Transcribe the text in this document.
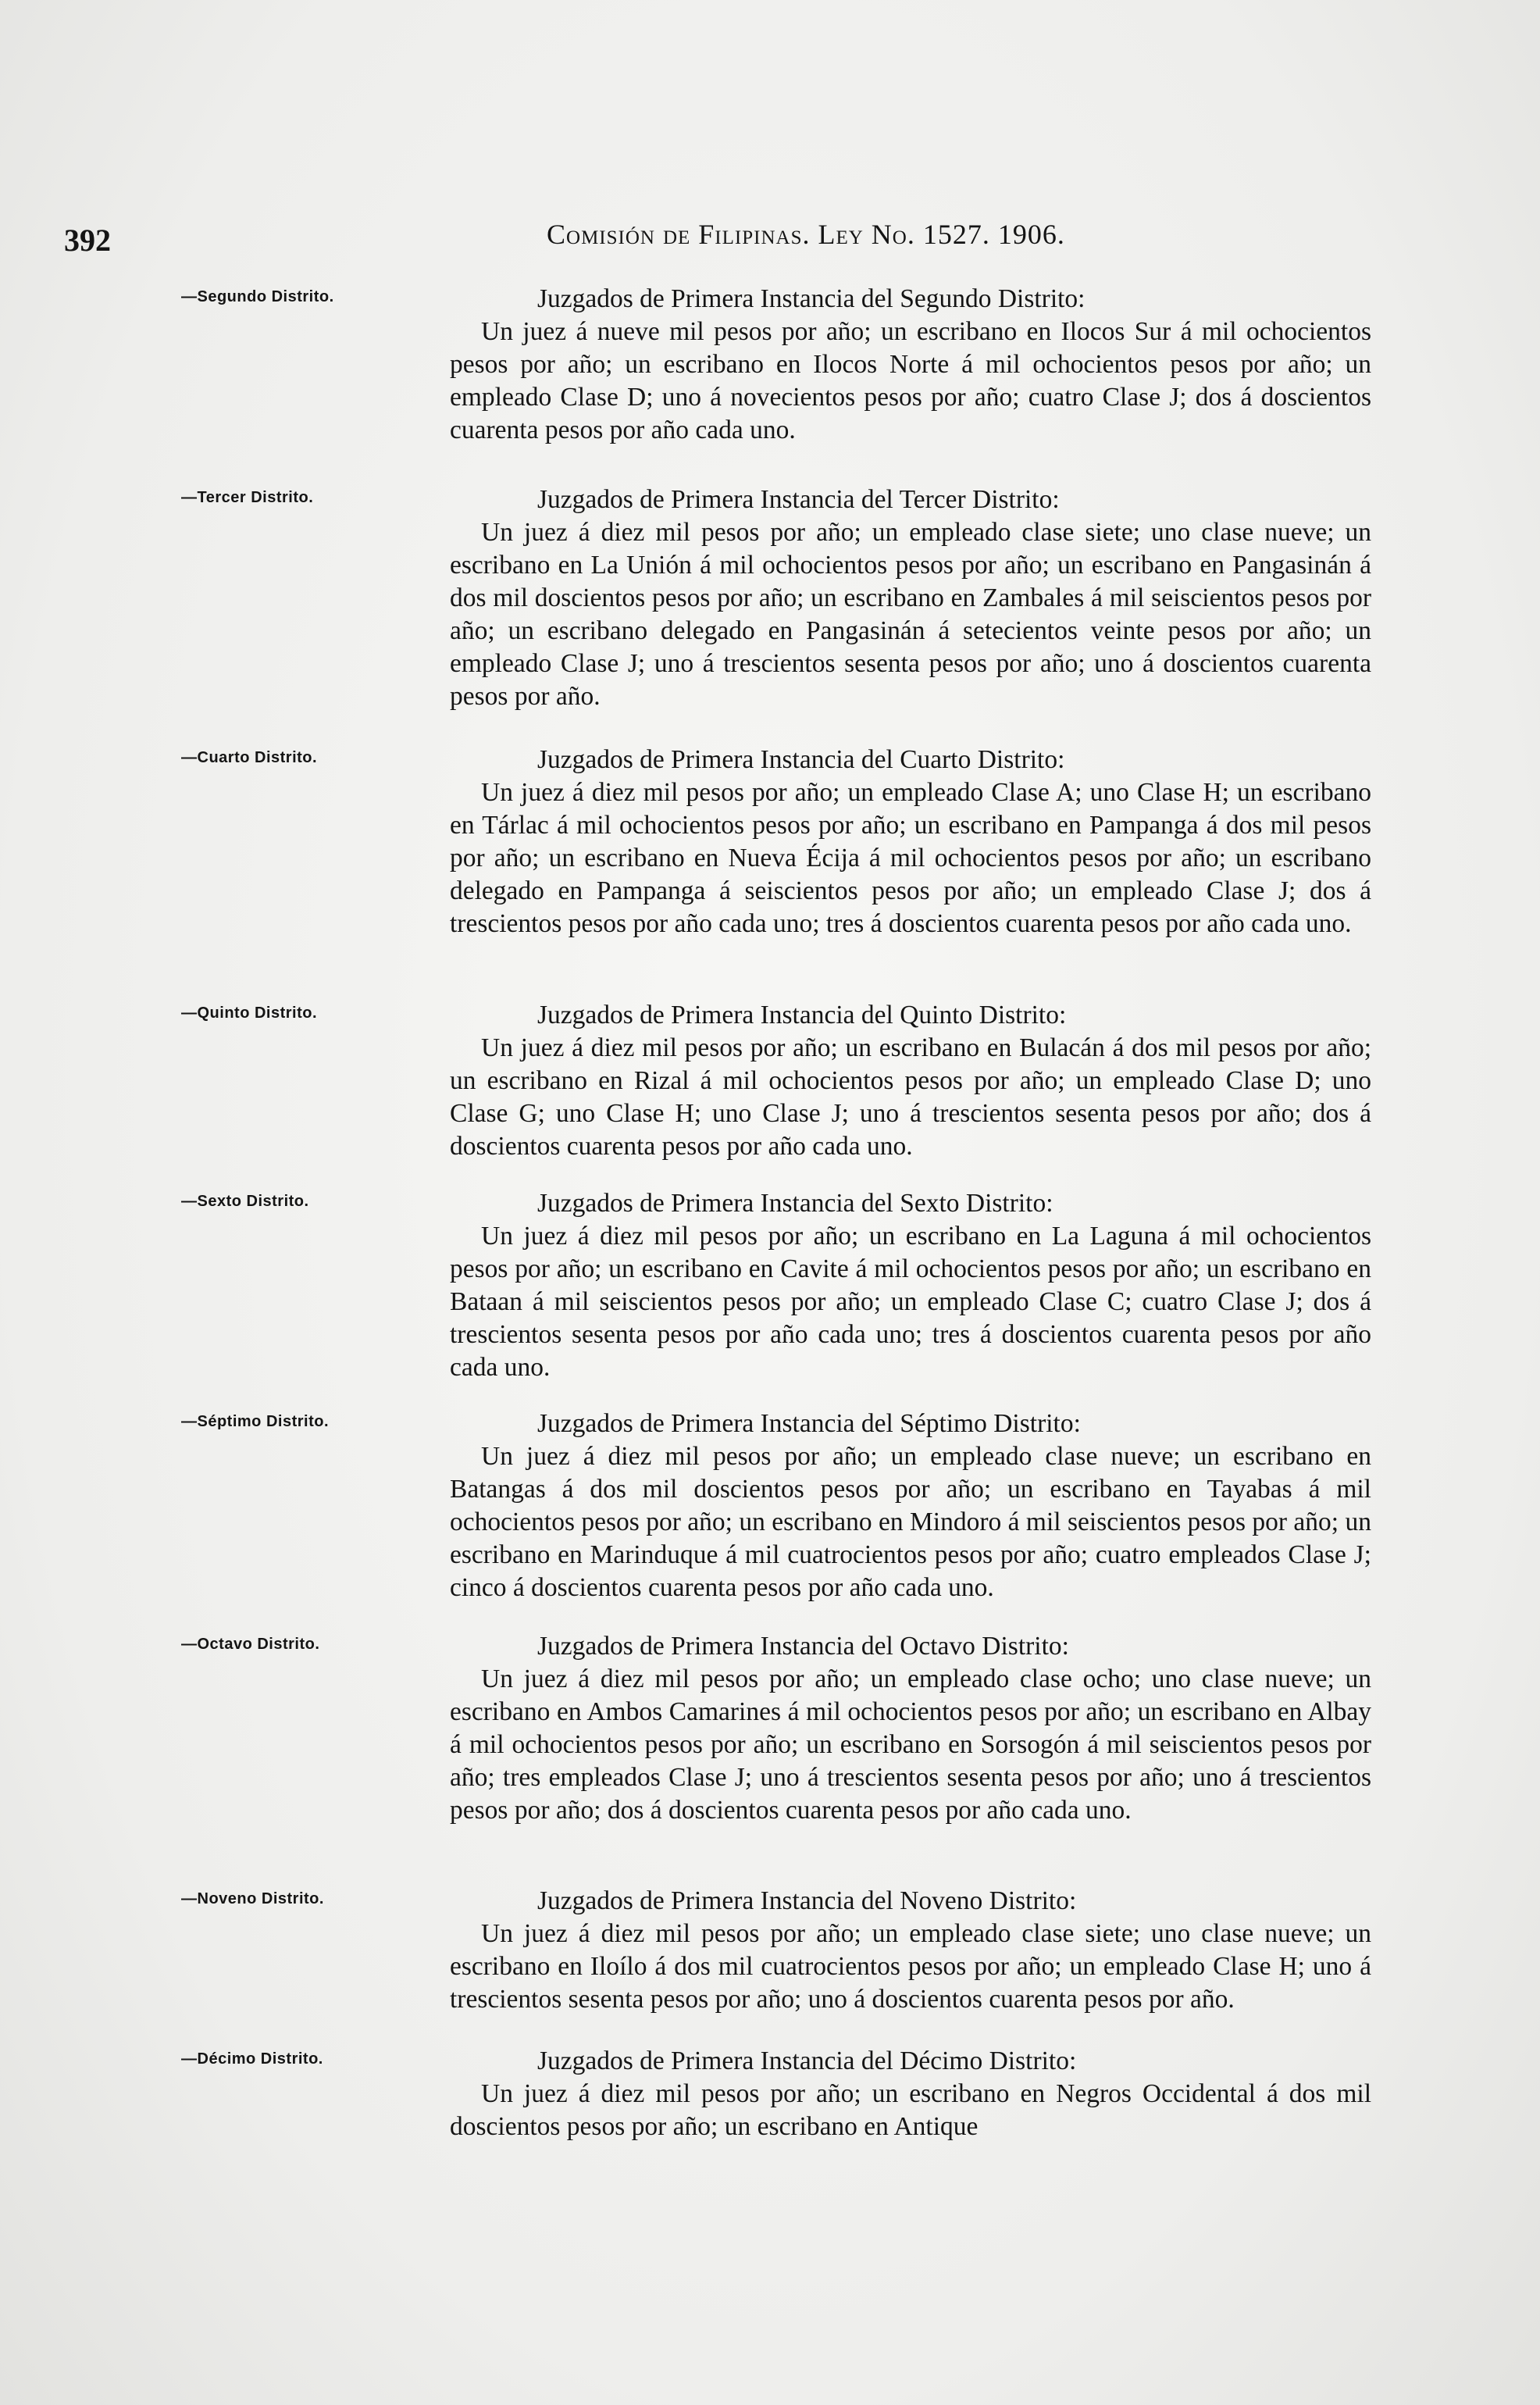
392	Comisión de Filipinas. Ley No. 1527. 1906.
—Segundo Distrito.	Juzgados de Primera Instancia del Segundo Distrito:
Un juez á nueve mil pesos por año; un escribano en Ilocos Sur á mil ochocientos pesos por año; un escribano en Ilocos Norte á mil ochocientos pesos por año; un empleado Clase D; uno á novecientos pesos por año; cuatro Clase J; dos á doscientos cuarenta pesos por año cada uno.
—Tercer Distrito.	Juzgados de Primera Instancia del Tercer Distrito:
Un juez á diez mil pesos por año; un empleado clase siete; uno clase nueve; un escribano en La Unión á mil ochocientos pesos por año; un escribano en Pangasinán á dos mil doscientos pesos por año; un escribano en Zambales á mil seiscientos pesos por año; un escribano delegado en Pangasinán á setecientos veinte pesos por año; un empleado Clase J; uno á trescientos sesenta pesos por año; uno á doscientos cuarenta pesos por año.
—Cuarto Distrito.	Juzgados de Primera Instancia del Cuarto Distrito:
Un juez á diez mil pesos por año; un empleado Clase A; uno Clase H; un escribano en Tárlac á mil ochocientos pesos por año; un escribano en Pampanga á dos mil pesos por año; un escribano en Nueva Écija á mil ochocientos pesos por año; un escribano delegado en Pampanga á seiscientos pesos por año; un empleado Clase J; dos á trescientos pesos por año cada uno; tres á doscientos cuarenta pesos por año cada uno.
—Quinto Distrito.	Juzgados de Primera Instancia del Quinto Distrito:
Un juez á diez mil pesos por año; un escribano en Bulacán á dos mil pesos por año; un escribano en Rizal á mil ochocientos pesos por año; un empleado Clase D; uno Clase G; uno Clase H; uno Clase J; uno á trescientos sesenta pesos por año; dos á doscientos cuarenta pesos por año cada uno.
—Sexto Distrito.	Juzgados de Primera Instancia del Sexto Distrito:
Un juez á diez mil pesos por año; un escribano en La Laguna á mil ochocientos pesos por año; un escribano en Cavite á mil ochocientos pesos por año; un escribano en Bataan á mil seiscientos pesos por año; un empleado Clase C; cuatro Clase J; dos á trescientos sesenta pesos por año cada uno; tres á doscientos cuarenta pesos por año cada uno.
—Séptimo Distrito.	Juzgados de Primera Instancia del Séptimo Distrito:
Un juez á diez mil pesos por año; un empleado clase nueve; un escribano en Batangas á dos mil doscientos pesos por año; un escribano en Tayabas á mil ochocientos pesos por año; un escribano en Mindoro á mil seiscientos pesos por año; un escribano en Marinduque á mil cuatrocientos pesos por año; cuatro empleados Clase J; cinco á doscientos cuarenta pesos por año cada uno.
—Octavo Distrito.	Juzgados de Primera Instancia del Octavo Distrito:
Un juez á diez mil pesos por año; un empleado clase ocho; uno clase nueve; un escribano en Ambos Camarines á mil ochocientos pesos por año; un escribano en Albay á mil ochocientos pesos por año; un escribano en Sorsogón á mil seiscientos pesos por año; tres empleados Clase J; uno á trescientos sesenta pesos por año; uno á trescientos pesos por año; dos á doscientos cuarenta pesos por año cada uno.
—Noveno Distrito.	Juzgados de Primera Instancia del Noveno Distrito:
Un juez á diez mil pesos por año; un empleado clase siete; uno clase nueve; un escribano en Iloílo á dos mil cuatrocientos pesos por año; un empleado Clase H; uno á trescientos sesenta pesos por año; uno á doscientos cuarenta pesos por año.
—Décimo Distrito.	Juzgados de Primera Instancia del Décimo Distrito:
Un juez á diez mil pesos por año; un escribano en Negros Occidental á dos mil doscientos pesos por año; un escribano en Antique
